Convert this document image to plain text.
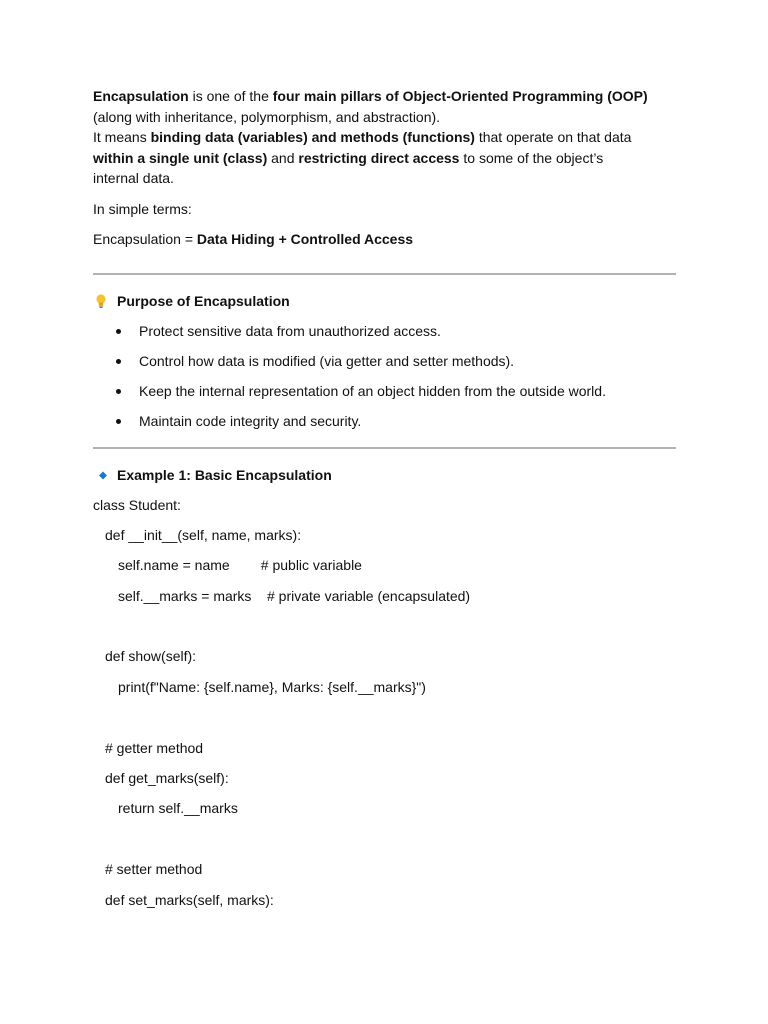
Encapsulation is one of the four main pillars of Object-Oriented Programming (OOP)
(along with inheritance, polymorphism, and abstraction).
It means binding data (variables) and methods (functions) that operate on that data
within a single unit (class) and restricting direct access to some of the object’s
internal data.

In simple terms:

Encapsulation = Data Hiding + Controlled Access

Purpose of Encapsulation
Protect sensitive data from unauthorized access.
Control how data is modified (via getter and setter methods).
Keep the internal representation of an object hidden from the outside world.
Maintain code integrity and security.
Example 1: Basic Encapsulation
class Student:
def __init__(self, name, marks):
self.name = name        # public variable
self.__marks = marks    # private variable (encapsulated)
def show(self):
print(f"Name: {self.name}, Marks: {self.__marks}")
# getter method
def get_marks(self):
return self.__marks
# setter method
def set_marks(self, marks):
